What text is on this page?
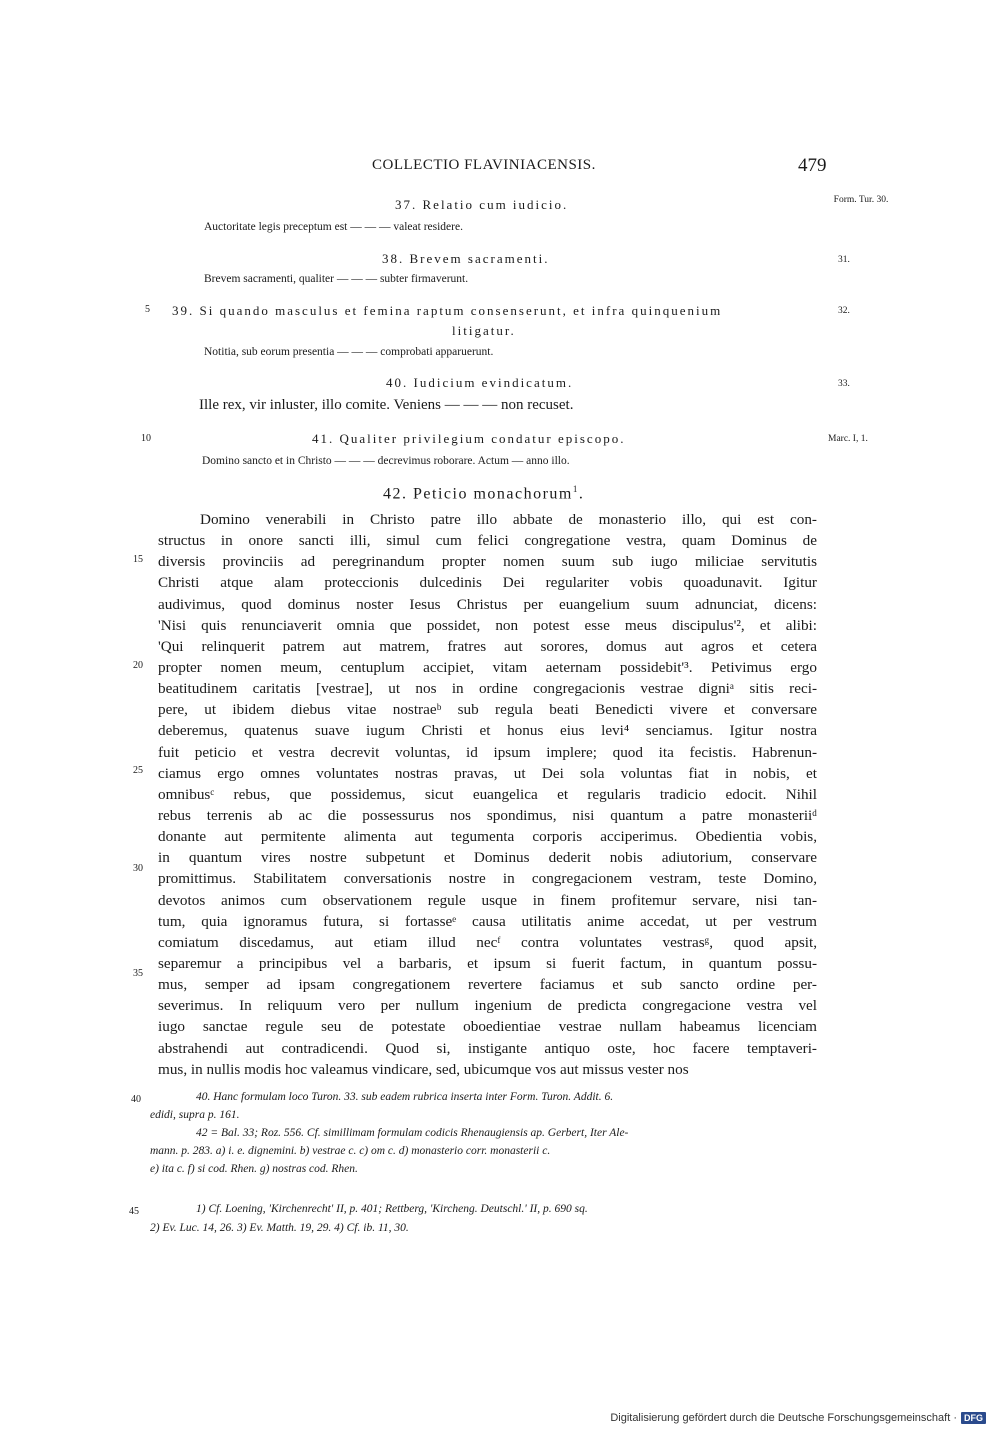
COLLECTIO FLAVINIACENSIS.	479
37. Relatio cum iudicio.	Form. Tur. 30.
Auctoritate legis preceptum est — — — valeat residere.
38. Brevem sacramenti.	31.
Brevem sacramenti, qualiter — — — subter firmaverunt.
5 39. Si quando masculus et femina raptum consenserunt, et infra quinquenium
litigatur.
32.
Notitia, sub eorum presentia — — — comprobati apparuerunt.
40. Iudicium evindicatum.	33.
Ille rex, vir inluster, illo comite. Veniens — — — non recuset.
10	41. Qualiter privilegium condatur episcopo.	Marc. I, 1.
Domino sancto et in Christo — — — decrevimus roborare. Actum — anno illo.
42. Peticio monachorum$^1$.
Domino venerabili in Christo patre illo abbate de monasterio illo, qui est con-
structus in onore sancti illi, simul cum felici congregatione vestra, quam Dominus de
diversis provinciis ad peregrinandum propter nomen suum sub iugo miliciae servitutis
Christi atque alam proteccionis dulcedinis Dei regulariter vobis quoadunavit. Igitur
audivimus, quod dominus noster Iesus Christus per euangelium suum adnunciat, dicens:
'Nisi quis renunciaverit omnia que possidet, non potest esse meus discipulus'², et alibi:
'Qui relinquerit patrem aut matrem, fratres aut sorores, domus aut agros et cetera
propter nomen meum, centuplum accipiet, vitam aeternam possidebit'³. Petivimus ergo
beatitudinem caritatis [vestrae], ut nos in ordine congregacionis vestrae digniᵃ sitis reci-
pere, ut ibidem diebus vitae nostraeᵇ sub regula beati Benedicti vivere et conversare
deberemus, quatenus suave iugum Christi et honus eius levi⁴ senciamus. Igitur nostra
fuit peticio et vestra decrevit voluntas, id ipsum implere; quod ita fecistis. Habrenun-
ciamus ergo omnes voluntates nostras pravas, ut Dei sola voluntas fiat in nobis, et
omnibusᶜ rebus, que possidemus, sicut euangelica et regularis tradicio edocit. Nihil
rebus terrenis ab ac die possessurus nos spondimus, nisi quantum a patre monasteriiᵈ
donante aut permitente alimenta aut tegumenta corporis acciperimus. Obedientia vobis,
in quantum vires nostre subpetunt et Dominus dederit nobis adiutorium, conservare
promittimus. Stabilitatem conversationis nostre in congregacionem vestram, teste Domino,
devotos animos cum observationem regule usque in finem profitemur servare, nisi tan-
tum, quia ignoramus futura, si fortasseᵉ causa utilitatis anime accedat, ut per vestrum
comiatum discedamus, aut etiam illud necᶠ contra voluntates vestrasᵍ, quod apsit,
separemur a principibus vel a barbaris, et ipsum si fuerit factum, in quantum possu-
mus, semper ad ipsam congregationem revertere faciamus et sub sancto ordine per-
severimus. In reliquum vero per nullum ingenium de predicta congregacione vestra vel
iugo sanctae regule seu de potestate oboedientiae vestrae nullam habeamus licenciam
abstrahendi aut contradicendi. Quod si, instigante antiquo oste, hoc facere temptaveri-
mus, in nullis modis hoc valeamus vindicare, sed, ubicumque vos aut missus vester nos
15
20
25
30
35
40
45
40. Hanc formulam loco Turon. 33. sub eadem rubrica insertа inter Form. Turon. Addit. 6.
edidi, supra p. 161.
42 = Bal. 33; Roz. 556. Cf. simillimam formulam codicis Rhenaugiensis ap. Gerbert, Iter Ale-
mann. p. 283. a) i. e. digneminі. b) vestrae c. c) om c. d) monasterio corr. monasterii c.
e) ita c. f) si cod. Rhen. g) nostras cod. Rhen.
1) Cf. Loening, 'Kirchenrecht' II, p. 401; Rettberg, 'Kircheng. Deutschl.' II, p. 690 sq.
2) Ev. Luc. 14, 26. 3) Ev. Matth. 19, 29. 4) Cf. ib. 11, 30.
Digitalisierung gefördert durch die Deutsche Forschungsgemeinschaft · DFG
